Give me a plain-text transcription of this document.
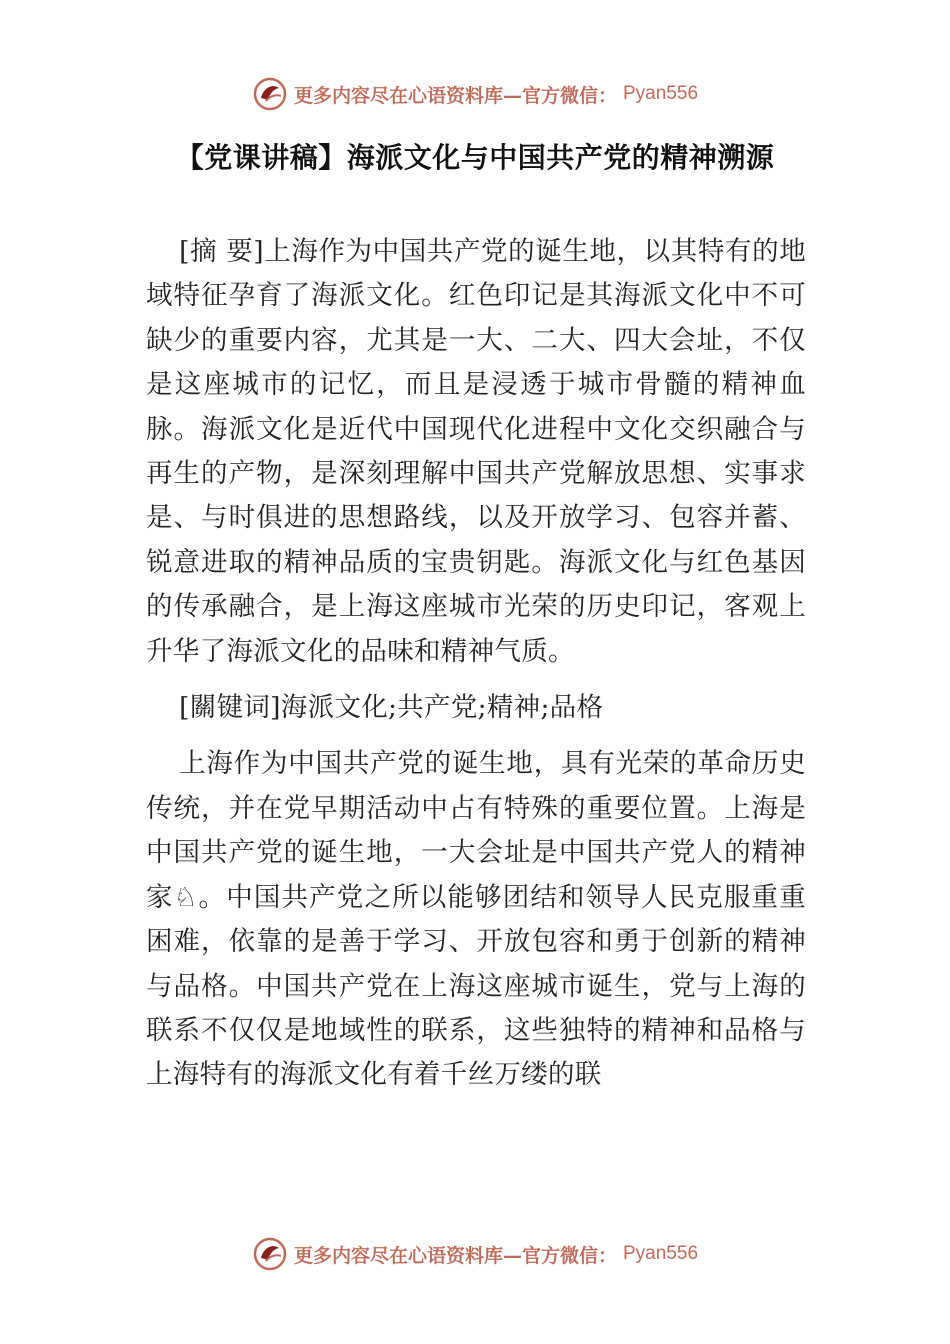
更多内容尽在心语资料库—官方微信： Pyan556
【党课讲稿】海派文化与中国共产党的精神溯源

[摘 要]上海作为中国共产党的诞生地，以其特有的地域特征孕育了海派文化。红色印记是其海派文化中不可缺少的重要内容，尤其是一大、二大、四大会址，不仅是这座城市的记忆，而且是浸透于城市骨髓的精神血脉。海派文化是近代中国现代化进程中文化交织融合与再生的产物，是深刻理解中国共产党解放思想、实事求是、与时俱进的思想路线，以及开放学习、包容并蓄、锐意进取的精神品质的宝贵钥匙。海派文化与红色基因的传承融合，是上海这座城市光荣的历史印记，客观上升华了海派文化的品味和精神气质。

[關键词]海派文化;共产党;精神;品格

上海作为中国共产党的诞生地，具有光荣的革命历史传统，并在党早期活动中占有特殊的重要位置。上海是中国共产党的诞生地，一大会址是中国共产党人的精神家♘。中国共产党之所以能够团结和领导人民克服重重困难，依靠的是善于学习、开放包容和勇于创新的精神与品格。中国共产党在上海这座城市诞生，党与上海的联系不仅仅是地域性的联系，这些独特的精神和品格与上海特有的海派文化有着千丝万缕的联

更多内容尽在心语资料库—官方微信： Pyan556
